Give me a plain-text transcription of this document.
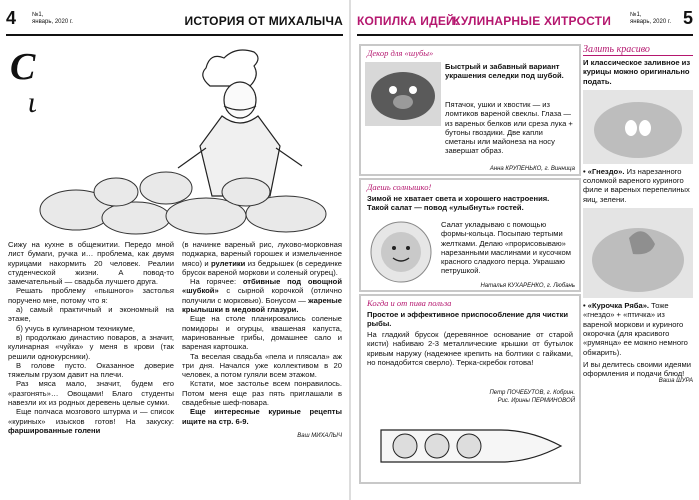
4	№1,
январь, 2020 г.	ИСТОРИЯ ОТ МИХАЛЫЧА
Свадебный
шеф-повар

Сижу на кухне в общежитии. Передо мной лист бумаги, ручка и… проблема, как двумя курицами накормить 20 человек. Реалии студенческой жизни. А повод-то замечательный — свадьба лучшего друга.

Решать проблему «пышного» застолья поручено мне, потому что я:

а) самый практичный и экономный на этаже,

б) учусь в кулинарном техникуме,

в) продолжаю династию поваров, а значит, кулинарная «чуйка» у меня в крови (так решили однокурсники).

В голове пусто. Оказанное доверие тяжелым грузом давит на плечи.

Раз мяса мало, значит, будем его «разгонять»… Овощами! Благо студенты навезли их из родных деревень целые сумки.

Еще полчаса мозгового штурма и — список «куриных» изысков готов! На закуску: фаршированные голени

(в начинке вареный рис, луково-морковная поджарка, вареный горошек и измельченное мясо) и рулетики из бедрышек (в серединке брусок вареной моркови и соленый огурец).

На горячее: отбивные под овощной «шубкой» с сырной корочкой (отлично получили с морковью). Бонусом — жареные крылышки в медовой глазури.

Еще на столе планировались соленые помидоры и огурцы, квашеная капуста, маринованные грибы, домашнее сало и вареная картошка.

Та веселая свадьба «пела и плясала» аж три дня. Начался уже коллективом в 20 человек, а потом гуляли всем этажом.

Кстати, мое застолье всем понравилось. Потом меня еще раз пять приглашали в свадебные шеф-повара.

Еще интересные куриные рецепты ищите на стр. 6-9.

Ваш МИХАЛЫЧ
КОПИЛКА ИДЕЙ:
КУЛИНАРНЫЕ ХИТРОСТИ	№1,
январь, 2020 г. 5
Декор для «шубы»
Быстрый и забавный вариант украшения селедки под шубой.
Пятачок, ушки и хвостик — из ломтиков вареной свеклы. Глаза — из вареных белков или среза лука + бутоны гвоздики. Две капли сметаны или майонеза на носу завершат образ.
Анна КРУПЕНЬКО, г. Винница
Даешь солнышко!
Зимой не хватает света и хорошего настроения. Такой салат — повод «улыбнуть» гостей.
Салат укладываю с помощью формы-кольца. Посыпаю тертыми желтками. Делаю «прорисовываю» нарезанными маслинами и кусочком красного сладкого перца. Украшаю петрушкой.
Наталья КУХАРЕНКО, г. Любань
Когда и от пива польза
Простое и эффективное приспособление для чистки рыбы.
На гладкий брусок (деревянное основание от старой кисти) набиваю 2-3 металлические крышки от бутылок кривым наружу (надежнее крепить на болтики с гайками, но понадобится сверло). Терка-скребок готова!
Петр ПОЧЕБУТОВ, г. Кобрин.
Рис. Ирины ПЕРМИНОВОЙ
Залить красиво
И классическое заливное из курицы можно оригинально подать.
• «Гнездо». Из нарезанного соломкой вареного куриного филе и вареных перепелиных яиц, зелени.
• «Курочка Ряба». Тоже «гнездо» + «птичка» из вареной моркови и куриного окорочка (для красивого «румянца» ее можно немного обжарить).
И вы делитесь своими идеями оформления и подачи блюд!
Ваша ШУРА
